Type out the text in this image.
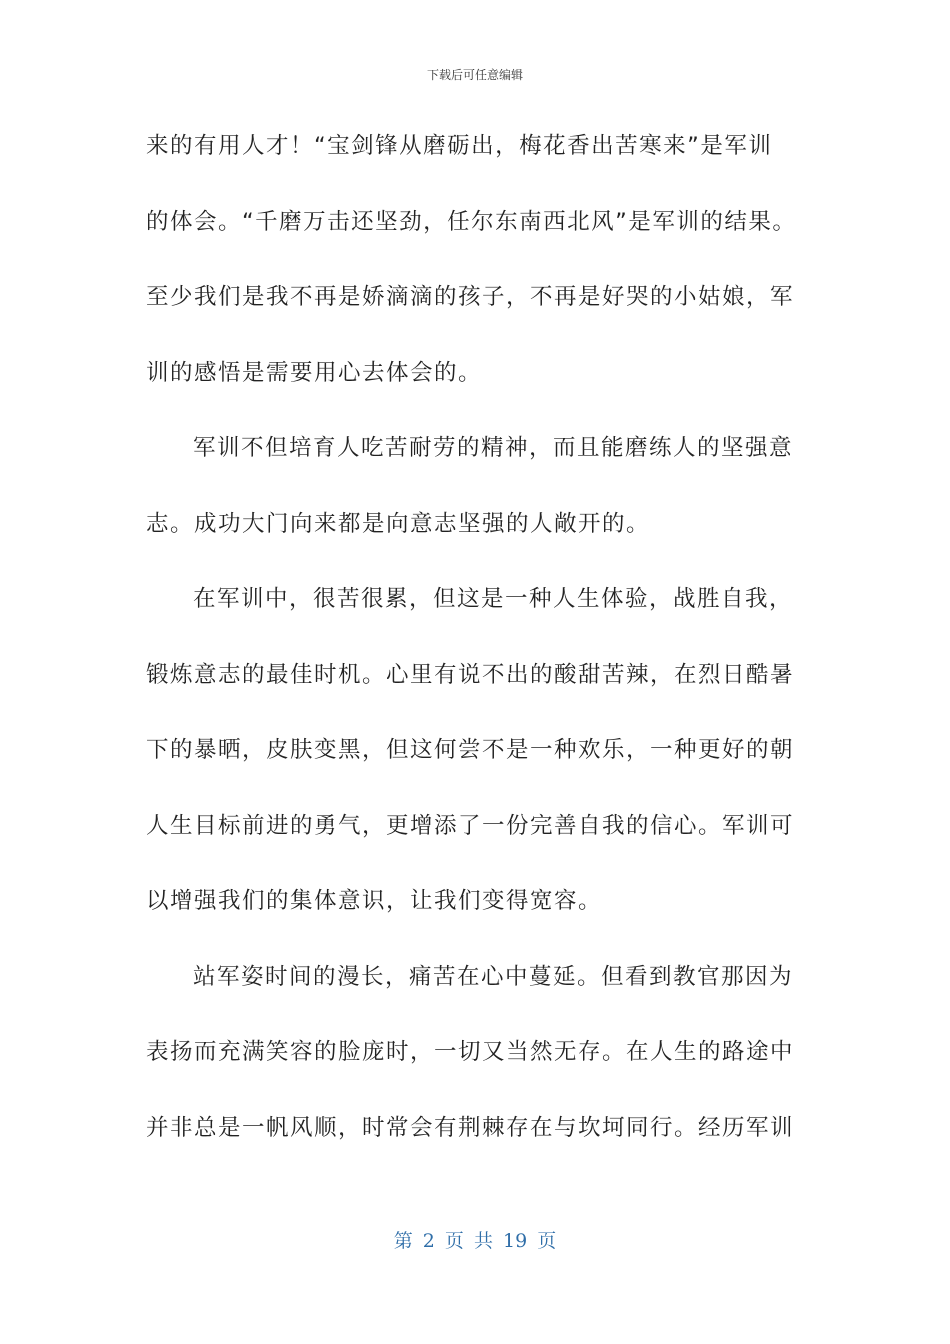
下载后可任意编辑
来的有用人才！“宝剑锋从磨砺出，梅花香出苦寒来”是军训
的体会。“千磨万击还坚劲，任尔东南西北风”是军训的结果。
至少我们是我不再是娇滴滴的孩子，不再是好哭的小姑娘，军
训的感悟是需要用心去体会的。
军训不但培育人吃苦耐劳的精神，而且能磨练人的坚强意
志。成功大门向来都是向意志坚强的人敞开的。
在军训中，很苦很累，但这是一种人生体验，战胜自我，
锻炼意志的最佳时机。心里有说不出的酸甜苦辣，在烈日酷暑
下的暴晒，皮肤变黑，但这何尝不是一种欢乐，一种更好的朝
人生目标前进的勇气，更增添了一份完善自我的信心。军训可
以增强我们的集体意识，让我们变得宽容。
站军姿时间的漫长，痛苦在心中蔓延。但看到教官那因为
表扬而充满笑容的脸庞时，一切又当然无存。在人生的路途中
并非总是一帆风顺，时常会有荆棘存在与坎坷同行。经历军训
第 2 页 共 19 页
